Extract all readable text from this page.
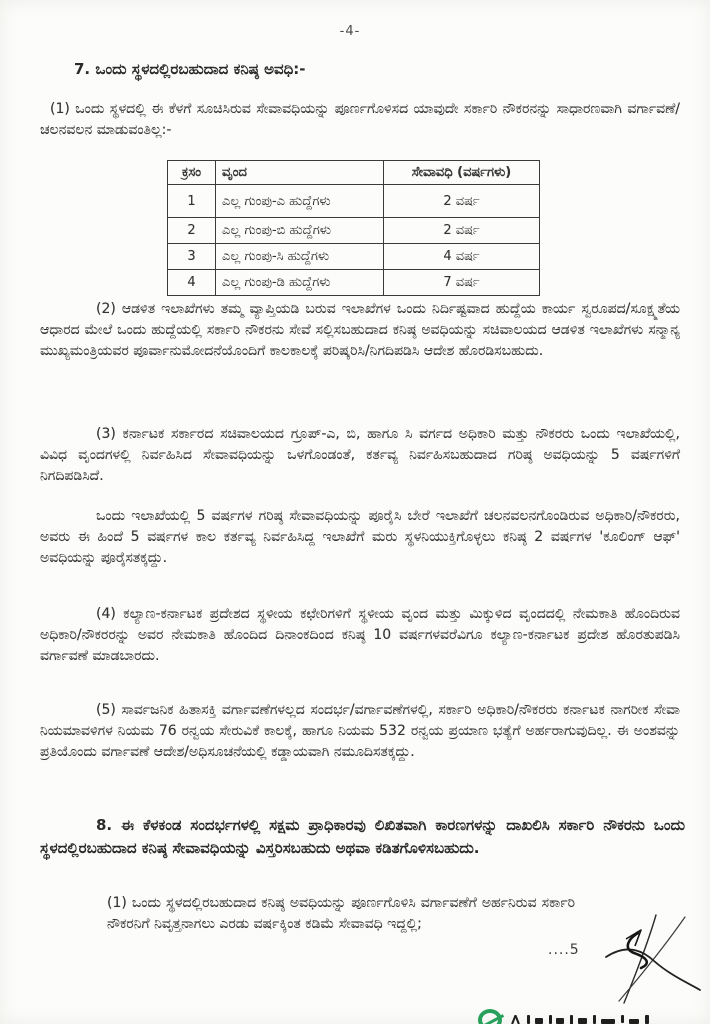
-4-
7. ಒಂದು ಸ್ಥಳದಲ್ಲಿರಬಹುದಾದ ಕನಿಷ್ಠ ಅವಧಿ:-
(1) ಒಂದು ಸ್ಥಳದಲ್ಲಿ ಈ ಕೆಳಗೆ ಸೂಚಿಸಿರುವ ಸೇವಾವಧಿಯನ್ನು ಪೂರ್ಣಗೊಳಿಸದ ಯಾವುದೇ ಸರ್ಕಾರಿ ನೌಕರನನ್ನು ಸಾಧಾರಣವಾಗಿ ವರ್ಗಾವಣೆ/ ಚಲನವಲನ ಮಾಡುವಂತಿಲ್ಲ:-
ಕ್ರಸಂ	ವೃಂದ	ಸೇವಾವಧಿ (ವರ್ಷಗಳು)
1	ಎಲ್ಲ ಗುಂಪು-ಎ ಹುದ್ದೆಗಳು	2 ವರ್ಷ
2	ಎಲ್ಲ ಗುಂಪು-ಬಿ ಹುದ್ದೆಗಳು	2 ವರ್ಷ
3	ಎಲ್ಲ ಗುಂಪು-ಸಿ ಹುದ್ದೆಗಳು	4 ವರ್ಷ
4	ಎಲ್ಲ ಗುಂಪು-ಡಿ ಹುದ್ದೆಗಳು	7 ವರ್ಷ
(2) ಆಡಳಿತ ಇಲಾಖೆಗಳು ತಮ್ಮ ವ್ಯಾಪ್ತಿಯಡಿ ಬರುವ ಇಲಾಖೆಗಳ ಒಂದು ನಿರ್ದಿಷ್ಟವಾದ ಹುದ್ದೆಯ ಕಾರ್ಯ ಸ್ವರೂಪದ/ಸೂಕ್ಷ್ಮತೆಯ ಆಧಾರದ ಮೇಲೆ ಒಂದು ಹುದ್ದೆಯಲ್ಲಿ ಸರ್ಕಾರಿ ನೌಕರನು ಸೇವೆ ಸಲ್ಲಿಸಬಹುದಾದ ಕನಿಷ್ಠ ಅವಧಿಯನ್ನು ಸಚಿವಾಲಯದ ಆಡಳಿತ ಇಲಾಖೆಗಳು ಸನ್ಮಾನ್ಯ ಮುಖ್ಯಮಂತ್ರಿಯವರ ಪೂರ್ವಾನುಮೋದನೆಯೊಂದಿಗೆ ಕಾಲಕಾಲಕ್ಕೆ ಪರಿಷ್ಕರಿಸಿ/ನಿಗದಿಪಡಿಸಿ ಆದೇಶ ಹೊರಡಿಸಬಹುದು.
(3) ಕರ್ನಾಟಕ ಸರ್ಕಾರದ ಸಚಿವಾಲಯದ ಗ್ರೂಪ್-ಎ, ಬಿ, ಹಾಗೂ ಸಿ ವರ್ಗದ ಅಧಿಕಾರಿ ಮತ್ತು ನೌಕರರು ಒಂದು ಇಲಾಖೆಯಲ್ಲಿ, ವಿವಿಧ ವೃಂದಗಳಲ್ಲಿ ನಿರ್ವಹಿಸಿದ ಸೇವಾವಧಿಯನ್ನು ಒಳಗೊಂಡಂತೆ, ಕರ್ತವ್ಯ ನಿರ್ವಹಿಸಬಹುದಾದ ಗರಿಷ್ಠ ಅವಧಿಯನ್ನು 5 ವರ್ಷಗಳಿಗೆ ನಿಗದಿಪಡಿಸಿದೆ.
ಒಂದು ಇಲಾಖೆಯಲ್ಲಿ 5 ವರ್ಷಗಳ ಗರಿಷ್ಠ ಸೇವಾವಧಿಯನ್ನು ಪೂರೈಸಿ ಬೇರೆ ಇಲಾಖೆಗೆ ಚಲನವಲನಗೊಂಡಿರುವ ಅಧಿಕಾರಿ/ನೌಕರರು, ಅವರು ಈ ಹಿಂದೆ 5 ವರ್ಷಗಳ ಕಾಲ ಕರ್ತವ್ಯ ನಿರ್ವಹಿಸಿದ್ದ ಇಲಾಖೆಗೆ ಮರು ಸ್ಥಳನಿಯುಕ್ತಿಗೊಳ್ಳಲು ಕನಿಷ್ಠ 2 ವರ್ಷಗಳ 'ಕೂಲಿಂಗ್ ಆಫ್' ಅವಧಿಯನ್ನು ಪೂರೈಸತಕ್ಕದ್ದು.
(4) ಕಲ್ಯಾಣ-ಕರ್ನಾಟಕ ಪ್ರದೇಶದ ಸ್ಥಳೀಯ ಕಛೇರಿಗಳಿಗೆ ಸ್ಥಳೀಯ ವೃಂದ ಮತ್ತು ಮಿಕ್ಕುಳಿದ ವೃಂದದಲ್ಲಿ ನೇಮಕಾತಿ ಹೊಂದಿರುವ ಅಧಿಕಾರಿ/ನೌಕರರನ್ನು ಅವರ ನೇಮಕಾತಿ ಹೊಂದಿದ ದಿನಾಂಕದಿಂದ ಕನಿಷ್ಠ 10 ವರ್ಷಗಳವರೆವಿಗೂ ಕಲ್ಯಾಣ-ಕರ್ನಾಟಕ ಪ್ರದೇಶ ಹೊರತುಪಡಿಸಿ ವರ್ಗಾವಣೆ ಮಾಡಬಾರದು.
(5) ಸಾರ್ವಜನಿಕ ಹಿತಾಸಕ್ತಿ ವರ್ಗಾವಣೆಗಳಲ್ಲದ ಸಂದರ್ಭ/ವರ್ಗಾವಣೆಗಳಲ್ಲಿ, ಸರ್ಕಾರಿ ಅಧಿಕಾರಿ/ನೌಕರರು ಕರ್ನಾಟಕ ನಾಗರೀಕ ಸೇವಾ ನಿಯಮಾವಳಿಗಳ ನಿಯಮ 76 ರನ್ವಯ ಸೇರುವಿಕೆ ಕಾಲಕ್ಕೆ, ಹಾಗೂ ನಿಯಮ 532 ರನ್ವಯ ಪ್ರಯಾಣ ಭತ್ಯೆಗೆ ಅರ್ಹರಾಗುವುದಿಲ್ಲ. ಈ ಅಂಶವನ್ನು ಪ್ರತಿಯೊಂದು ವರ್ಗಾವಣೆ ಆದೇಶ/ಅಧಿಸೂಚನೆಯಲ್ಲಿ ಕಡ್ಡಾಯವಾಗಿ ನಮೂದಿಸತಕ್ಕದ್ದು.
8. ಈ ಕೆಳಕಂಡ ಸಂದರ್ಭಗಳಲ್ಲಿ ಸಕ್ಷಮ ಪ್ರಾಧಿಕಾರವು ಲಿಖಿತವಾಗಿ ಕಾರಣಗಳನ್ನು ದಾಖಲಿಸಿ ಸರ್ಕಾರಿ ನೌಕರನು ಒಂದು ಸ್ಥಳದಲ್ಲಿರಬಹುದಾದ ಕನಿಷ್ಠ ಸೇವಾವಧಿಯನ್ನು ವಿಸ್ತರಿಸಬಹುದು ಅಥವಾ ಕಡಿತಗೊಳಿಸಬಹುದು.
(1) ಒಂದು ಸ್ಥಳದಲ್ಲಿರಬಹುದಾದ ಕನಿಷ್ಠ ಅವಧಿಯನ್ನು ಪೂರ್ಣಗೊಳಿಸಿ ವರ್ಗಾವಣೆಗೆ ಅರ್ಹನಿರುವ ಸರ್ಕಾರಿ ನೌಕರನಿಗೆ ನಿವೃತ್ತನಾಗಲು ಎರಡು ವರ್ಷಕ್ಕಿಂತ ಕಡಿಮೆ ಸೇವಾವಧಿ ಇದ್ದಲ್ಲಿ;
....5
